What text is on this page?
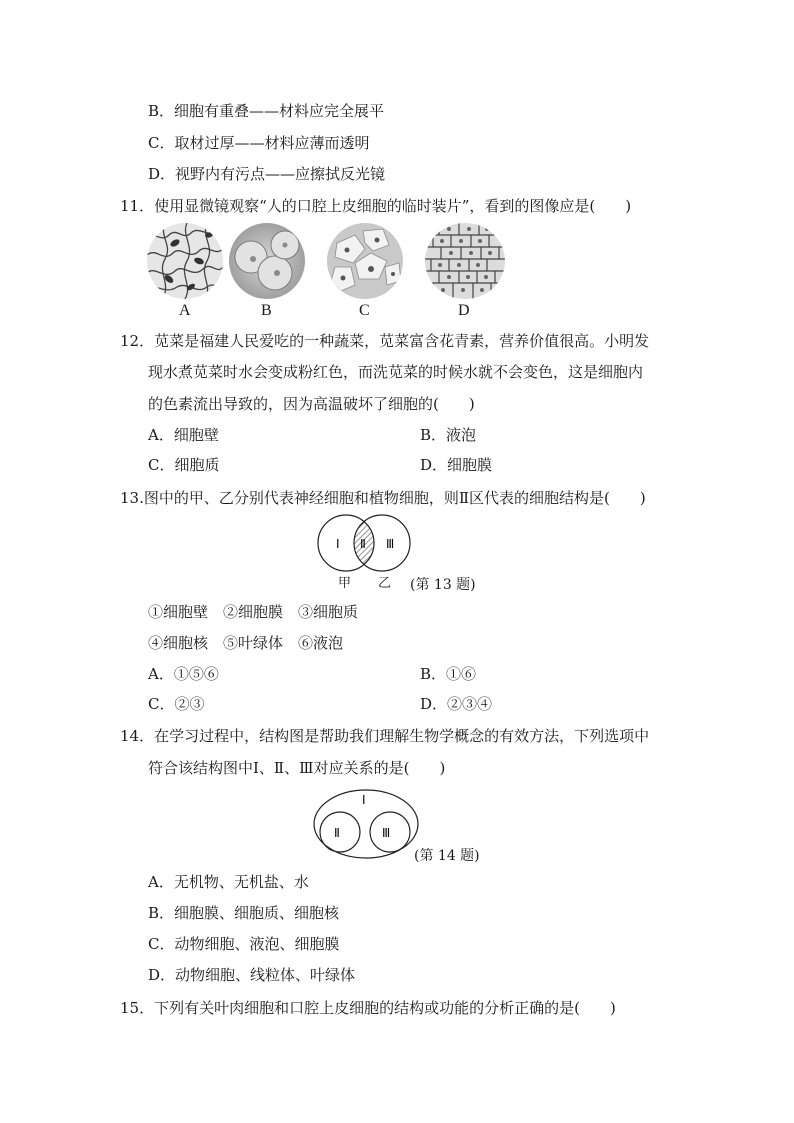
B．细胞有重叠——材料应完全展平
C．取材过厚——材料应薄而透明
D．视野内有污点——应擦拭反光镜
11．使用显微镜观察“人的口腔上皮细胞的临时装片”，看到的图像应是(　　)
A	B	C	D
12．苋菜是福建人民爱吃的一种蔬菜，苋菜富含花青素，营养价值很高。小明发
现水煮苋菜时水会变成粉红色，而洗苋菜的时候水就不会变色，这是细胞内
的色素流出导致的，因为高温破坏了细胞的(　　)
A．细胞壁	B．液泡
C．细胞质	D．细胞膜
13.图中的甲、乙分别代表神经细胞和植物细胞，则Ⅱ区代表的细胞结构是(　　)
Ⅰ Ⅱ Ⅲ
甲 乙 (第 13 题)
①细胞壁　②细胞膜　③细胞质
④细胞核　⑤叶绿体　⑥液泡
A．①⑤⑥	B．①⑥
C．②③	D．②③④
14．在学习过程中，结构图是帮助我们理解生物学概念的有效方法，下列选项中
符合该结构图中Ⅰ、Ⅱ、Ⅲ对应关系的是(　　)
Ⅰ
Ⅱ	Ⅲ
(第 14 题)
A．无机物、无机盐、水
B．细胞膜、细胞质、细胞核
C．动物细胞、液泡、细胞膜
D．动物细胞、线粒体、叶绿体
15．下列有关叶肉细胞和口腔上皮细胞的结构或功能的分析正确的是(　　)
